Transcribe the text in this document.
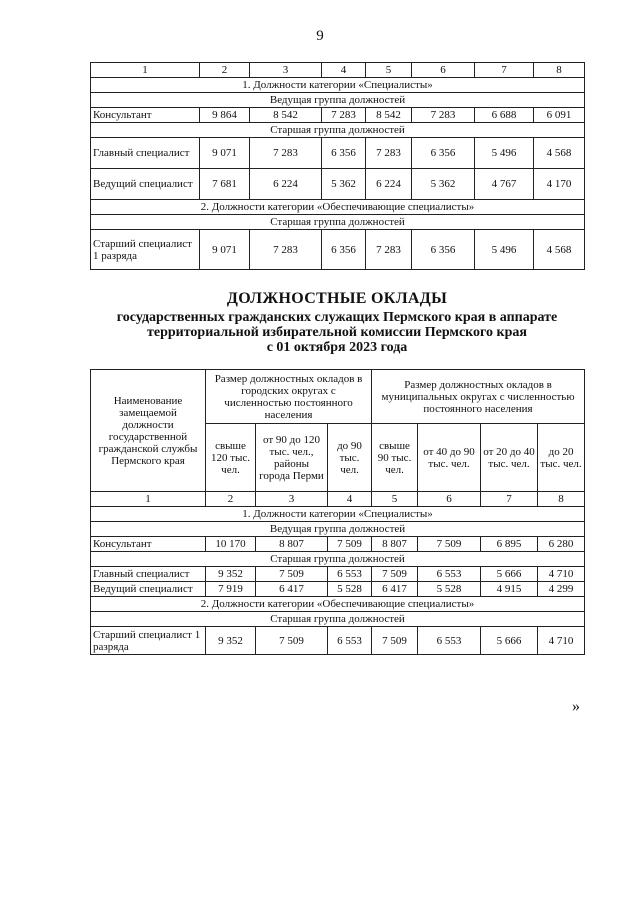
9
1	2	3	4	5	6	7	8
1. Должности категории «Специалисты»							
Ведущая группа должностей							
Консультант	9 864	8 542	7 283	8 542	7 283	6 688	6 091
Старшая группа должностей							
Главный специалист	9 071	7 283	6 356	7 283	6 356	5 496	4 568
Ведущий специалист	7 681	6 224	5 362	6 224	5 362	4 767	4 170
2. Должности категории «Обеспечивающие специалисты»							
Старшая группа должностей							
Старший специалист 1 разряда	9 071	7 283	6 356	7 283	6 356	5 496	4 568
ДОЛЖНОСТНЫЕ ОКЛАДЫ
государственных гражданских служащих Пермского края в аппарате
территориальной избирательной комиссии Пермского края
с 01 октября 2023 года
Наименование замещаемой должности государственной гражданской службы Пермского края	Размер должностных окладов в городских округах с численностью постоянного населения			Размер должностных окладов в муниципальных округах с численностью постоянного населения			
	свыше 120 тыс. чел.	от 90 до 120 тыс. чел., районы города Перми	до 90 тыс. чел.	свыше 90 тыс. чел.	от 40 до 90 тыс. чел.	от 20 до 40 тыс. чел.	до 20 тыс. чел.
1	2	3	4	5	6	7	8
1. Должности категории «Специалисты»							
Ведущая группа должностей							
Консультант	10 170	8 807	7 509	8 807	7 509	6 895	6 280
Старшая группа должностей							
Главный специалист	9 352	7 509	6 553	7 509	6 553	5 666	4 710
Ведущий специалист	7 919	6 417	5 528	6 417	5 528	4 915	4 299
2. Должности категории «Обеспечивающие специалисты»							
Старшая группа должностей							
Старший специалист 1 разряда	9 352	7 509	6 553	7 509	6 553	5 666	4 710
»
